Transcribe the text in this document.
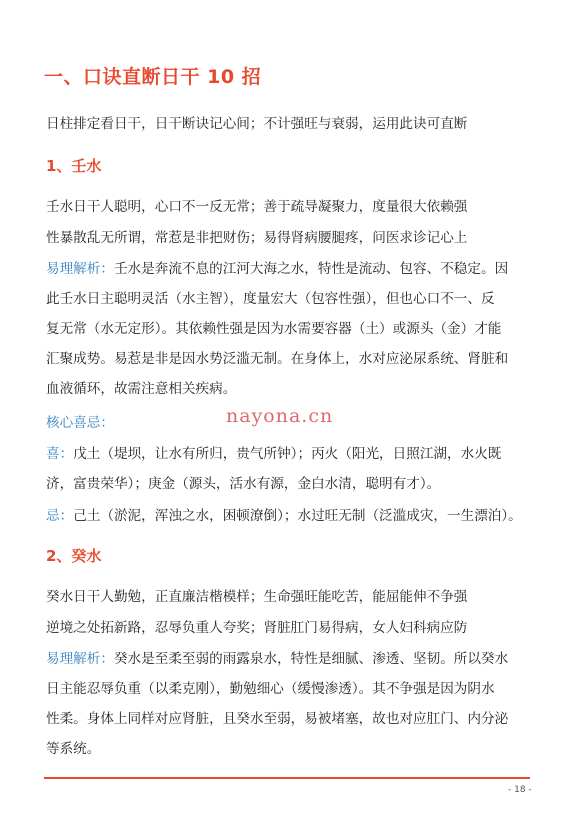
一、口诀直断日干 10 招

日柱排定看日干，日干断诀记心间；不计强旺与衰弱，运用此诀可直断

1、壬水

壬水日干人聪明，心口不一反无常；善于疏导凝聚力，度量很大依赖强

性暴散乱无所谓，常惹是非把财伤；易得肾病腰腿疼，问医求诊记心上

易理解析：壬水是奔流不息的江河大海之水，特性是流动、包容、不稳定。因

此壬水日主聪明灵活（水主智），度量宏大（包容性强），但也心口不一、反

复无常（水无定形）。其依赖性强是因为水需要容器（土）或源头（金）才能

汇聚成势。易惹是非是因水势泛滥无制。在身体上，水对应泌尿系统、肾脏和

血液循环，故需注意相关疾病。

核心喜忌：

喜：戊土（堤坝，让水有所归，贵气所钟）；丙火（阳光，日照江湖，水火既

济，富贵荣华）；庚金（源头，活水有源，金白水清，聪明有才）。

忌：己土（淤泥，浑浊之水，困顿潦倒）；水过旺无制（泛滥成灾，一生漂泊）。

2、癸水

癸水日干人勤勉，正直廉洁楷模样；生命强旺能吃苦，能屈能伸不争强

逆境之处拓新路，忍辱负重人夸奖；肾脏肛门易得病，女人妇科病应防

易理解析：癸水是至柔至弱的雨露泉水，特性是细腻、渗透、坚韧。所以癸水

日主能忍辱负重（以柔克刚），勤勉细心（缓慢渗透）。其不争强是因为阴水

性柔。身体上同样对应肾脏，且癸水至弱，易被堵塞，故也对应肛门、内分泌

等系统。

nayona.cn
- 18 -
